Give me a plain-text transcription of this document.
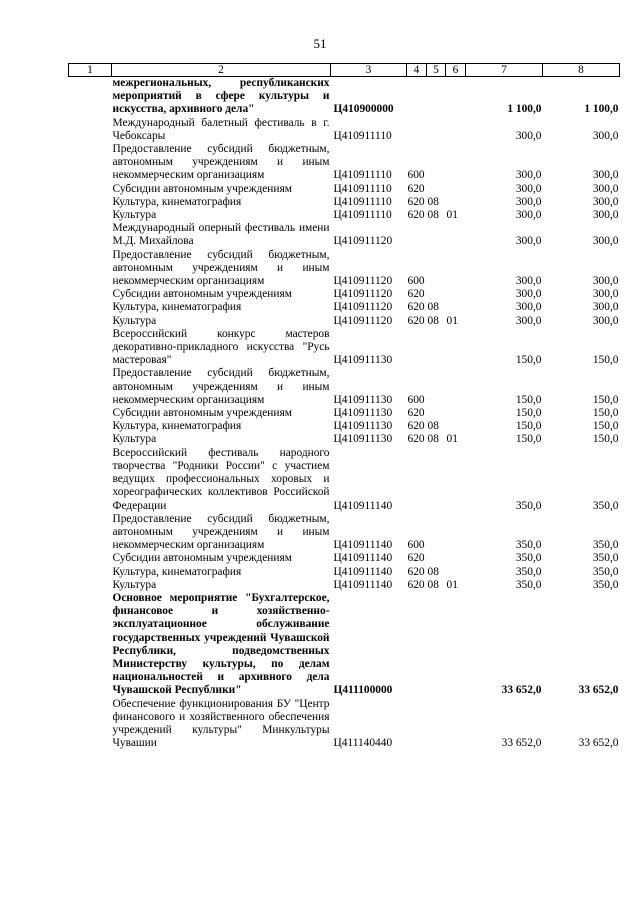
51
1	2	3	4	5	6	7	8
	межрегиональных, республиканских мероприятий в сфере культуры и искусства, архивного дела"	Ц410900000				1 100,0	1 100,0
	Международный балетный фестиваль в г. Чебоксары	Ц410911110				300,0	300,0
	Предоставление субсидий бюджетным, автономным учреждениям и иным некоммерческим организациям	Ц410911110	600			300,0	300,0
	Субсидии автономным учреждениям	Ц410911110	620			300,0	300,0
	Культура, кинематография	Ц410911110	620	08		300,0	300,0
	Культура	Ц410911110	620	08	01	300,0	300,0
	Международный оперный фестиваль имени М.Д. Михайлова	Ц410911120				300,0	300,0
	Предоставление субсидий бюджетным, автономным учреждениям и иным некоммерческим организациям	Ц410911120	600			300,0	300,0
	Субсидии автономным учреждениям	Ц410911120	620			300,0	300,0
	Культура, кинематография	Ц410911120	620	08		300,0	300,0
	Культура	Ц410911120	620	08	01	300,0	300,0
	Всероссийский конкурс мастеров декоративно-прикладного искусства "Русь мастеровая"	Ц410911130				150,0	150,0
	Предоставление субсидий бюджетным, автономным учреждениям и иным некоммерческим организациям	Ц410911130	600			150,0	150,0
	Субсидии автономным учреждениям	Ц410911130	620			150,0	150,0
	Культура, кинематография	Ц410911130	620	08		150,0	150,0
	Культура	Ц410911130	620	08	01	150,0	150,0
	Всероссийский фестиваль народного творчества "Родники России" с участием ведущих профессиональных хоровых и хореографических коллективов Российской Федерации	Ц410911140				350,0	350,0
	Предоставление субсидий бюджетным, автономным учреждениям и иным некоммерческим организациям	Ц410911140	600			350,0	350,0
	Субсидии автономным учреждениям	Ц410911140	620			350,0	350,0
	Культура, кинематография	Ц410911140	620	08		350,0	350,0
	Культура	Ц410911140	620	08	01	350,0	350,0
	Основное мероприятие "Бухгалтерское, финансовое и хозяйственно-эксплуатационное обслуживание государственных учреждений Чувашской Республики, подведомственных Министерству культуры, по делам национальностей и архивного дела Чувашской Республики"	Ц411100000				33 652,0	33 652,0
	Обеспечение функционирования БУ "Центр финансового и хозяйственного обеспечения учреждений культуры" Минкультуры Чувашии	Ц411140440				33 652,0	33 652,0
